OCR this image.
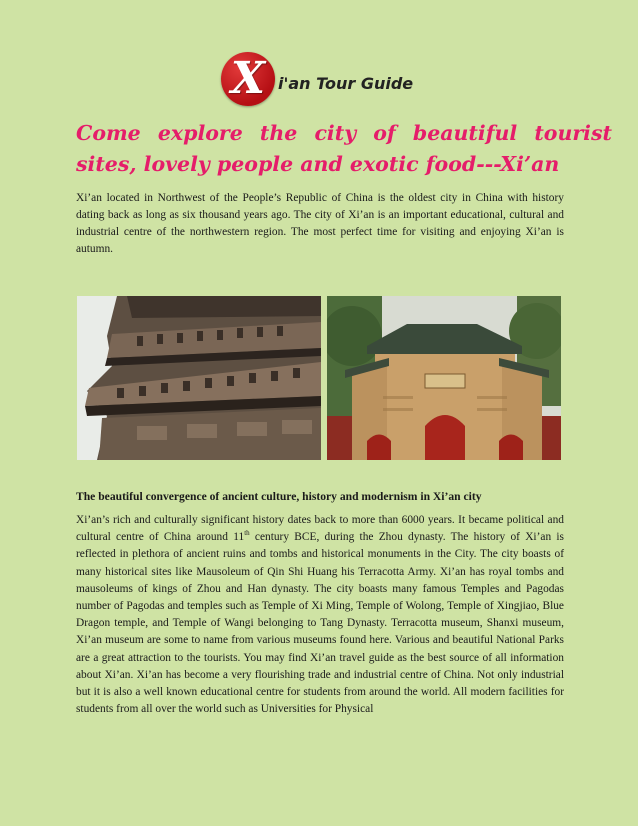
X i'an Tour Guide
Come explore the city of beautiful tourist
sites, lovely people and exotic food---Xi’an

Xi’an located in Northwest of the People’s Republic of China is the oldest city in China with history dating back as long as six thousand years ago. The city of Xi’an is an important educational, cultural and industrial centre of the northwestern region. The most perfect time for visiting and enjoying Xi’an is autumn.

The beautiful convergence of ancient culture, history and modernism in Xi’an city

Xi’an’s rich and culturally significant history dates back to more than 6000 years. It became political and cultural centre of China around 11th century BCE, during the Zhou dynasty. The history of Xi’an is reflected in plethora of ancient ruins and tombs and historical monuments in the City. The city boasts of many historical sites like Mausoleum of Qin Shi Huang his Terracotta Army. Xi’an has royal tombs and mausoleums of kings of Zhou and Han dynasty. The city boasts many famous Temples and Pagodas number of Pagodas and temples such as Temple of Xi Ming, Temple of Wolong, Temple of Xingjiao, Blue Dragon temple, and Temple of Wangi belonging to Tang Dynasty. Terracotta museum, Shanxi museum, Xi’an museum are some to name from various museums found here. Various and beautiful National Parks are a great attraction to the tourists. You may find Xi’an travel guide as the best source of all information about Xi’an. Xi’an has become a very flourishing trade and industrial centre of China. Not only industrial but it is also a well known educational centre for students from around the world. All modern facilities for students from all over the world such as Universities for Physical
